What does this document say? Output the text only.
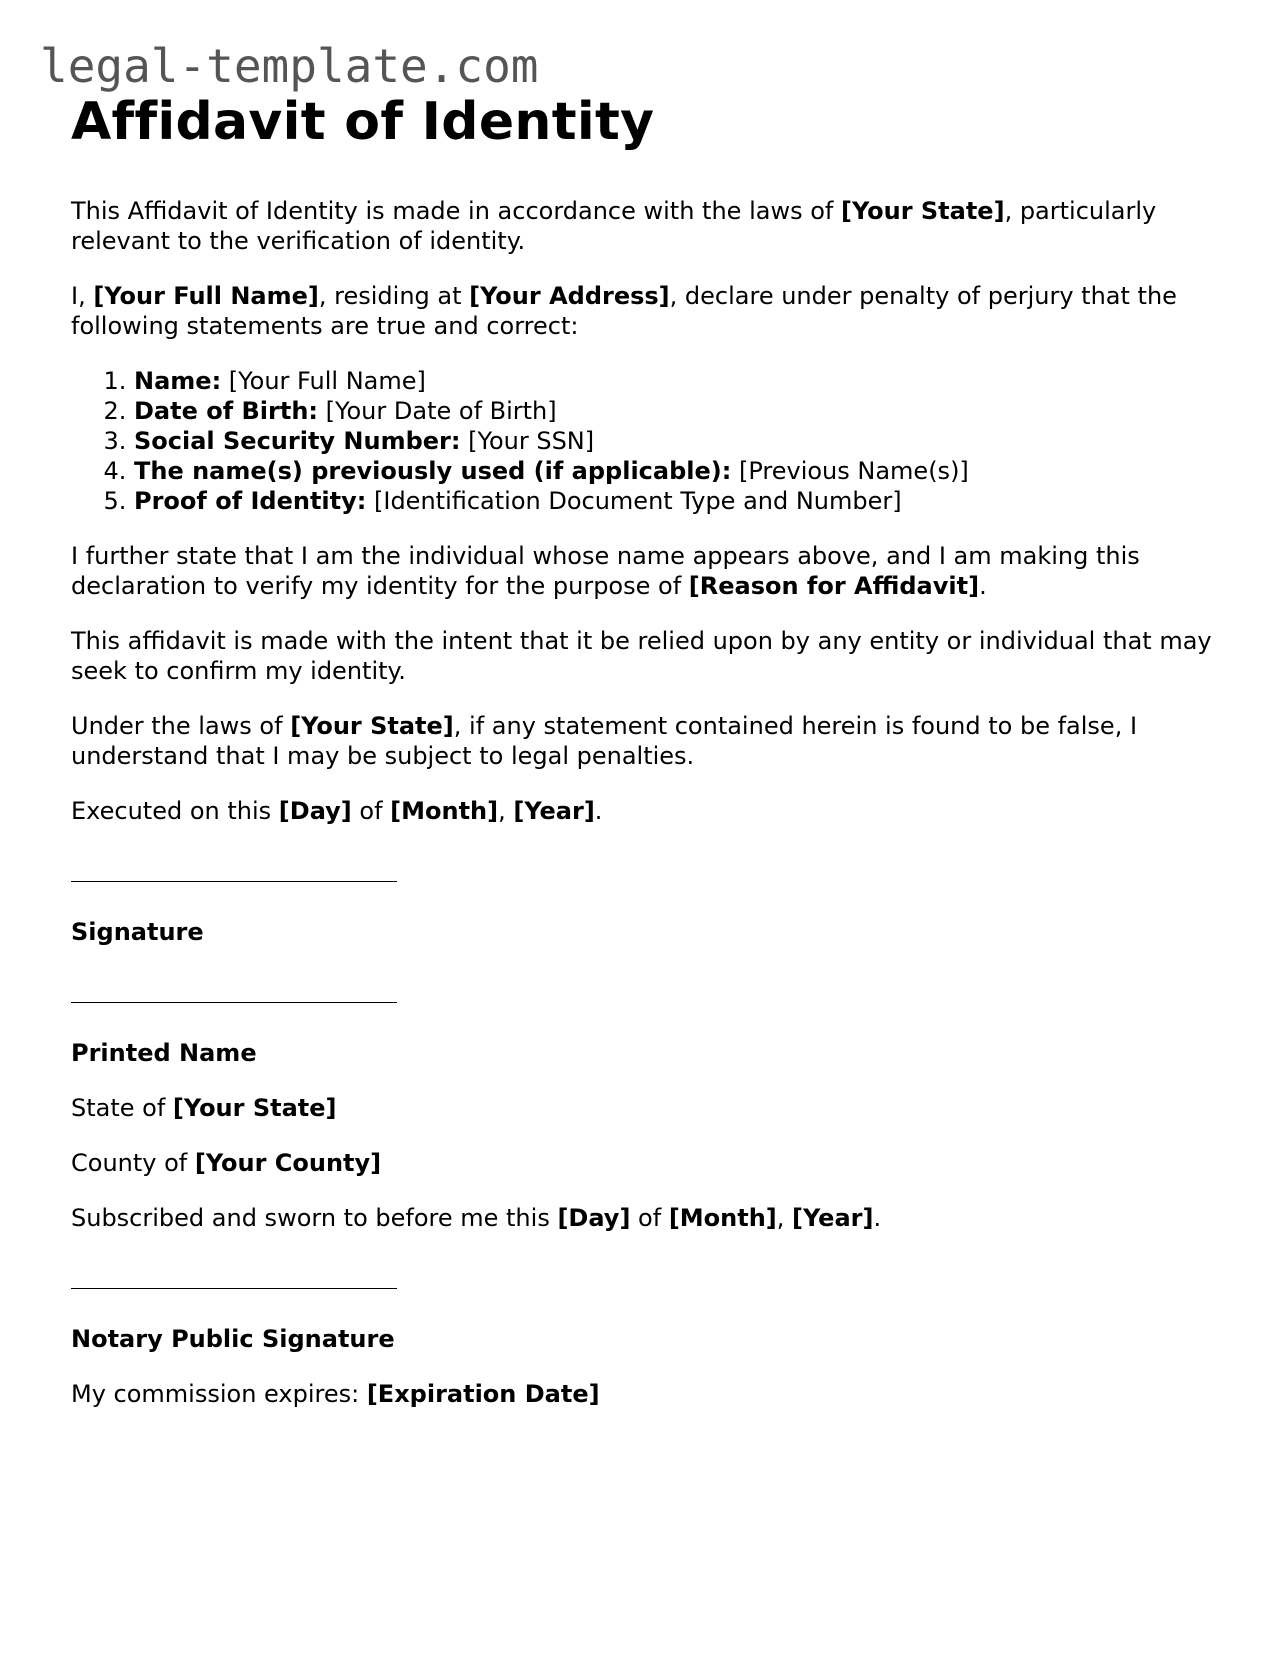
legal-template.com
Affidavit of Identity

This Affidavit of Identity is made in accordance with the laws of [Your State], particularly relevant to the verification of identity.

I, [Your Full Name], residing at [Your Address], declare under penalty of perjury that the following statements are true and correct:

1. Name: [Your Full Name]
2. Date of Birth: [Your Date of Birth]
3. Social Security Number: [Your SSN]
4. The name(s) previously used (if applicable): [Previous Name(s)]
5. Proof of Identity: [Identification Document Type and Number]

I further state that I am the individual whose name appears above, and I am making this declaration to verify my identity for the purpose of [Reason for Affidavit].

This affidavit is made with the intent that it be relied upon by any entity or individual that may seek to confirm my identity.

Under the laws of [Your State], if any statement contained herein is found to be false, I understand that I may be subject to legal penalties.

Executed on this [Day] of [Month], [Year].

Signature

Printed Name

State of [Your State]

County of [Your County]

Subscribed and sworn to before me this [Day] of [Month], [Year].

Notary Public Signature

My commission expires: [Expiration Date]
